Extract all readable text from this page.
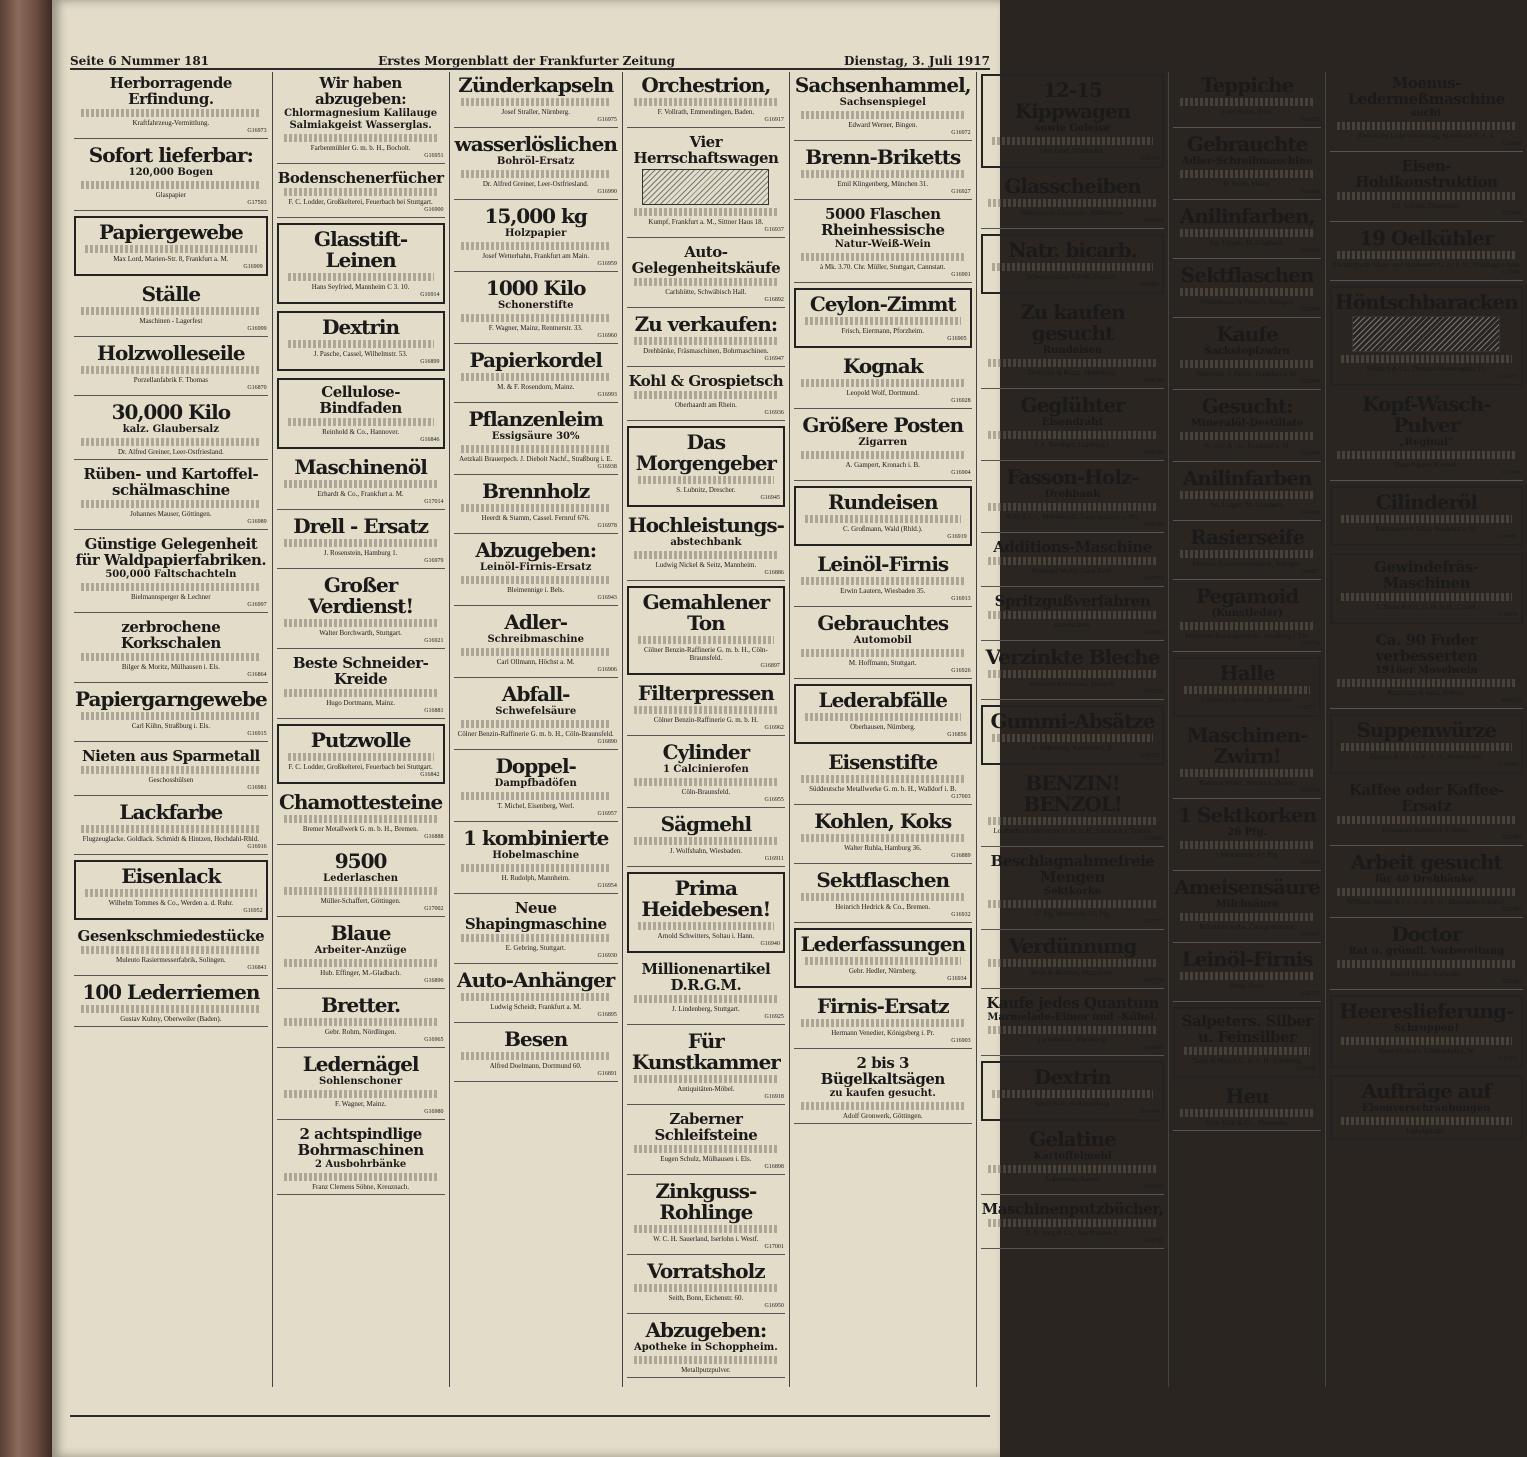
Seite 6 Nummer 181	Erstes Morgenblatt der Frankfurter Zeitung	Dienstag, 3. Juli 1917
Herborragende Erfindung.
Kraftfahrzeug-Vermittlung.
G16973
Sofort lieferbar:
120,000 Bogen
Glaspapier
G17503
Papiergewebe
Max Lord, Marien-Str. 8, Frankfurt a. M.
G16909
Ställe
Maschinen - Lagerfest
G16999
Holzwolleseile
Porzellanfabrik F. Thomas
G16870
30,000 Kilo
kalz. Glaubersalz
Dr. Alfred Greiner, Leer-Ostfriesland.
Rüben- und Kartoffel-schälmaschine
Johannes Mauser, Göttingen.
G16989
Günstige Gelegenheit für Waldpapierfabriken.
500,000 Faltschachteln
Bielmannsperger & Lechner
G16997
zerbrochene Korkschalen
Bilger & Moritz, Mülhausen i. Els.
G16864
Papiergarngewebe
Carl Kühn, Straßburg i. Els.
G16915
Nieten aus Sparmetall
Geschosshülsen
G16981
Lackfarbe
Flugzeuglacke. Goldlack. Schmidt & Hintzen, Hochdahl-Rhld.
G16916
Eisenlack
Wilhelm Tommes & Co., Werden a. d. Ruhr.
G16952
Gesenkschmiedestücke
Muleuto Rasiermesserfabrik, Solingen.
G16841
100 Lederriemen
Gustav Kuhny, Oberweiler (Baden).
Wir haben abzugeben:
Chlormagnesium Kalilauge Salmiakgeist Wasserglas.
Farbenmühler G. m. b. H., Bocholt.
G16951
Bodenschenerfücher
F. C. Lodder, Großkelterei, Feuerbach bei Stuttgart.
G16900
Glasstift-Leinen
Hans Seyfried, Mannheim C 3. 10.
G16914
Dextrin
J. Pasche, Cassel, Wilhelmstr. 53.
G16899
Cellulose-Bindfaden
Reinhold & Co., Hannover.
G16846
Maschinenöl
Erhardt & Co., Frankfurt a. M.
G17014
Drell - Ersatz
J. Rosenstein, Hamburg 1.
G16979
Großer Verdienst!
Walter Borchwarth, Stuttgart.
G16921
Beste Schneider-Kreide
Hugo Dortmann, Mainz.
G16881
Putzwolle
F. C. Lodder, Großkelterei, Feuerbach bei Stuttgart.
G16842
Chamottesteine
Bremer Metallwerk G. m. b. H., Bremen.
G16888
9500
Lederlaschen
Müller-Schaffert, Göttingen.
G17002
Blaue
Arbeiter-Anzüge
Hub. Effinger, M.-Gladbach.
G16896
Bretter.
Gebr. Rohm, Nördlingen.
G16965
Ledernägel
Sohlenschoner
F. Wagner, Mainz.
G16980
2 achtspindlige Bohrmaschinen
2 Ausbohrbänke
Franz Clemens Söhne, Kreuznach.
Zünderkapseln
Josef Straller, Nürnberg.
G16975
wasserlöslichen
Bohröl-Ersatz
Dr. Alfred Greiner, Leer-Ostfriesland.
G16990
15,000 kg
Holzpapier
Josef Wetterhahn, Frankfurt am Main.
G16959
1000 Kilo
Schonerstifte
F. Wagner, Mainz, Rentnerstr. 33.
G16960
Papierkordel
M. & F. Rosendorn, Mainz.
G16993
Pflanzenleim
Essigsäure 30%
Aetzkali Brauerpech. J. Diebolt Nachf., Straßburg i. E.
G16938
Brennholz
Heerdt & Stamm, Cassel. Fernruf 676.
G16978
Abzugeben:
Leinöl-Firnis-Ersatz
Bleimennige i. Bels.
G16943
Adler-
Schreibmaschine
Carl Ollmann, Höchst a. M.
G16906
Abfall-
Schwefelsäure
Cölner Benzin-Raffinerie G. m. b. H., Cöln-Braunsfeld.
G16890
Doppel-
Dampfbadöfen
T. Michel, Eisenberg, Werl.
G16957
1 kombinierte
Hobelmaschine
H. Rudolph, Mannheim.
G16954
Neue Shapingmaschine
E. Gebring, Stuttgart.
G16930
Auto-Anhänger
Ludwig Scheidt, Frankfurt a. M.
G16895
Besen
Alfred Doelmann, Dortmund 60.
G16891
Orchestrion,
F. Vollrath, Emmendingen, Baden.
G16917
Vier Herrschaftswagen
Kumpf, Frankfurt a. M., Sittner Haus 18.
G16937
Auto-Gelegenheitskäufe
Carlshütte, Schwäbisch Hall.
G16892
Zu verkaufen:
Drehbänke, Fräsmaschinen, Bohrmaschinen.
G16947
Kohl & Grospietsch
Oberhaardt am Rhein.
G16936
Das Morgengeber
S. Lubnitz, Drescher.
G16945
Hochleistungs-
abstechbank
Ludwig Nickel & Seitz, Mannheim.
G16886
Gemahlener Ton
Cölner Benzin-Raffinerie G. m. b. H., Cöln-Braunsfeld.
G16897
Filterpressen
Cölner Benzin-Raffinerie G. m. b. H.
G16962
Cylinder
1 Calcinierofen
Cöln-Braunsfeld.
G16955
Sägmehl
J. Wolfshahn, Wiesbaden.
G16911
Prima Heidebesen!
Arnold Schwitters, Soltau i. Hann.
G16940
Millionenartikel D.R.G.M.
J. Lindenberg, Stuttgart.
G16925
Für Kunstkammer
Antiquitäten-Möbel.
G16918
Zaberner Schleifsteine
Eugen Schulz, Mülhausen i. Els.
G16898
Zinkguss-Rohlinge
W. C. H. Sauerland, Iserlohn i. Westf.
G17001
Vorratsholz
Seith, Bonn, Eichenstr. 60.
G16950
Abzugeben:
Apotheke in Schoppheim.
Metallputzpulver.
Sachsenhammel,
Sachsenspiegel
Edward Werner, Bingen.
G16972
Brenn-Briketts
Emil Klingenberg, München 31.
G16927
5000 Flaschen Rheinhessische
Natur-Weiß-Wein
à Mk. 3.70. Chr. Müller, Stuttgart, Cannstatt.
G16901
Ceylon-Zimmt
Frisch, Eiermann, Pforzheim.
G16905
Kognak
Leopold Wolf, Dortmund.
G16928
Größere Posten
Zigarren
A. Gampert, Kronach i. B.
G16904
Rundeisen
C. Großmann, Wald (Rhld.).
G16919
Leinöl-Firnis
Erwin Lautern, Wiesbaden 35.
G16913
Gebrauchtes
Automobil
M. Hoffmann, Stuttgart.
G16926
Lederabfälle
Oberhausen, Nürnberg.
G16856
Eisenstifte
Süddeutsche Metallwerke G. m. b. H., Walldorf i. B.
G17003
Kohlen, Koks
Walter Ruhla, Hamburg 36.
G16889
Sektflaschen
Heinrich Hedrick & Co., Bremen.
G16932
Lederfassungen
Gebr. Hedler, Nürnberg.
G16934
Firnis-Ersatz
Hermann Venedier, Königsberg i. Pr.
G16903
2 bis 3 Bügelkaltsägen
zu kaufen gesucht.
Adolf Gronwerk, Göttingen.
12-15 Kippwagen
sowie Geleise
Otto Glöd, Wiesbaden.
G16755
Glasscheiben
Süddeutsche Glaswerke, Hildesheim.
G16818
Natr. bicarb.
Schwarzwälder Fabrik, Durlach.
G16821
Zu kaufen gesucht
Rundeisen
Dreyfürst & Kuntz, Heidelberg.
G16783
Geglühter
Eisendraht
J. A. Bernhard, Hamburg I.
G16762
Fasson-Holz-
Drehbank
Köhl & Co., Möbelfabrik, Ludwigshafen a. Rh.
G16750
Additions-Maschine
Bernhard Weiler, Gera-Reuß.
G16778
Spritzgußverfahren
einzurichten.
G16812
Verzinkte Bleche
Hermann Kuhlmann, Essen-R.
G16770
Gummi-Absätze
A. Silberberg, Karlsruhe i. B.
G16792
BENZIN! BENZOL!
Lorsbacher Lederwerke G. m. b. H., Lorsbach i. Taunus.
G16865
Beschlagnahmefreie Mengen
Sektkorke
27 Pfg. Weinkorke 5½ Pfg.
G16777
Verdünnung
Hoch & Richters, Mannheim.
G16775
Kaufe jedes Quantum
Marmelade-Eimer und -Kübel.
Lichtensbau, Rheinberg.
G16800
Dextrin
Adolf Bolli, Bad Harzburg.
G16804
Gelatine
Kartoffelmehl
Ackermann, Kassel.
G16815
Maschinenputzbücher,
E. H. Sarg & Co., Saarbrücken 2.
G16790
Teppiche
Josef Rayer, Trier.
G16782
Gebrauchte
Adler-Schreibmaschine
D. Franz, Mainz.
G16786
Anilinfarben,
Jos. Lingen, M.-Gladbach.
G16819
Sektflaschen
Winkelmann & Pertsch, Stuttgart.
G16748
Kaufe
Sackstopfzwirn
Nähzwirn. J. Zwick, Frankfurt a. M.
G16760
Gesucht:
Mineralöl-Destillate
W. Goy & Co., Frankfurt a. M.
G16806
Anilinfarben
Jos. Lingen, M.-Gladbach.
G16839
Rasierseife
Muleuto Rasiermesserfabrik, Solingen.
G16887
Pegamoid
(Kunstleder)
Multicuro-Bandagenfabrik, Straßburg i. Els.
G16754
Halle
Caldewey & Gebrüder, Bochum.
G16757
Maschinen-Zwirn!
Badenia-Werke, Wiesloch, Baden.
G16758
1 Sektkorken
26 Pfg.
1 Weinkorken 4½ Pfg.
G16789
Ameisensäure
Milchsäure
Reisstärke weiss, Carrageenmoos.
G16807
Leinöl-Firnis
Perek, Forst.
G16753
Salpeters. Silber u. Feinsilber
Trapp & Münch G. m. b. H., Friedberg.
G16798
Heu
Gebr. Graf & Co., Pforzheim.
Moenus-Ledermeßmaschine
sucht
Rheinische Lederverwertung, Mannheim R. 6. 4.
G16997
Eisen-Hohlkonstruktion
Ed. Schultz, Düsseldorf.
G17005
19 Oelkühler
Röchling'sche Eisen- und Stahlwerke G. m. b. H., Völklingen-Saar.
G17060
Höntschbaracken
Höntsch & Co., Dresden-Niedersedlitz 11.
G16277
Kopf-Wasch-Pulver
„Reginal“
Hans Nappel, Krefeld.
G16999
Cilinderöl
Rasmussen & Ernst, Frankfurt a. M.
G16996
Gewindefräs-Maschinen
A. Bitter & Co., G. m. b. H., Cassel.
G16878
Ca. 90 Fuder verbesserten
1916er Moselwein
Kaufmann & Juda, Bitburg.
G16151
Suppenwürze
Köppen & Co. G. m. b. H., Neumünster.
G16983
Kaffee oder Kaffee-Ersatz
Restaurant Kaiserhof, Coblenz.
G16987
Arbeit gesucht
für 40 Drehbänke,
Wilhelm Sterzig & Co. G. m. b. H., Mannheim-Käfertal.
G16991
Doctor
Rat u. gründl. Vorbereitung
Rudolf Mosse, Karlsruhe.
G16482
Heereslieferung-
Schruppen!
Friedrich Stork, Lüdenscheid i. W.
G17011
Aufträge auf
Eisenverschraubungen
Ludwigstraße.
